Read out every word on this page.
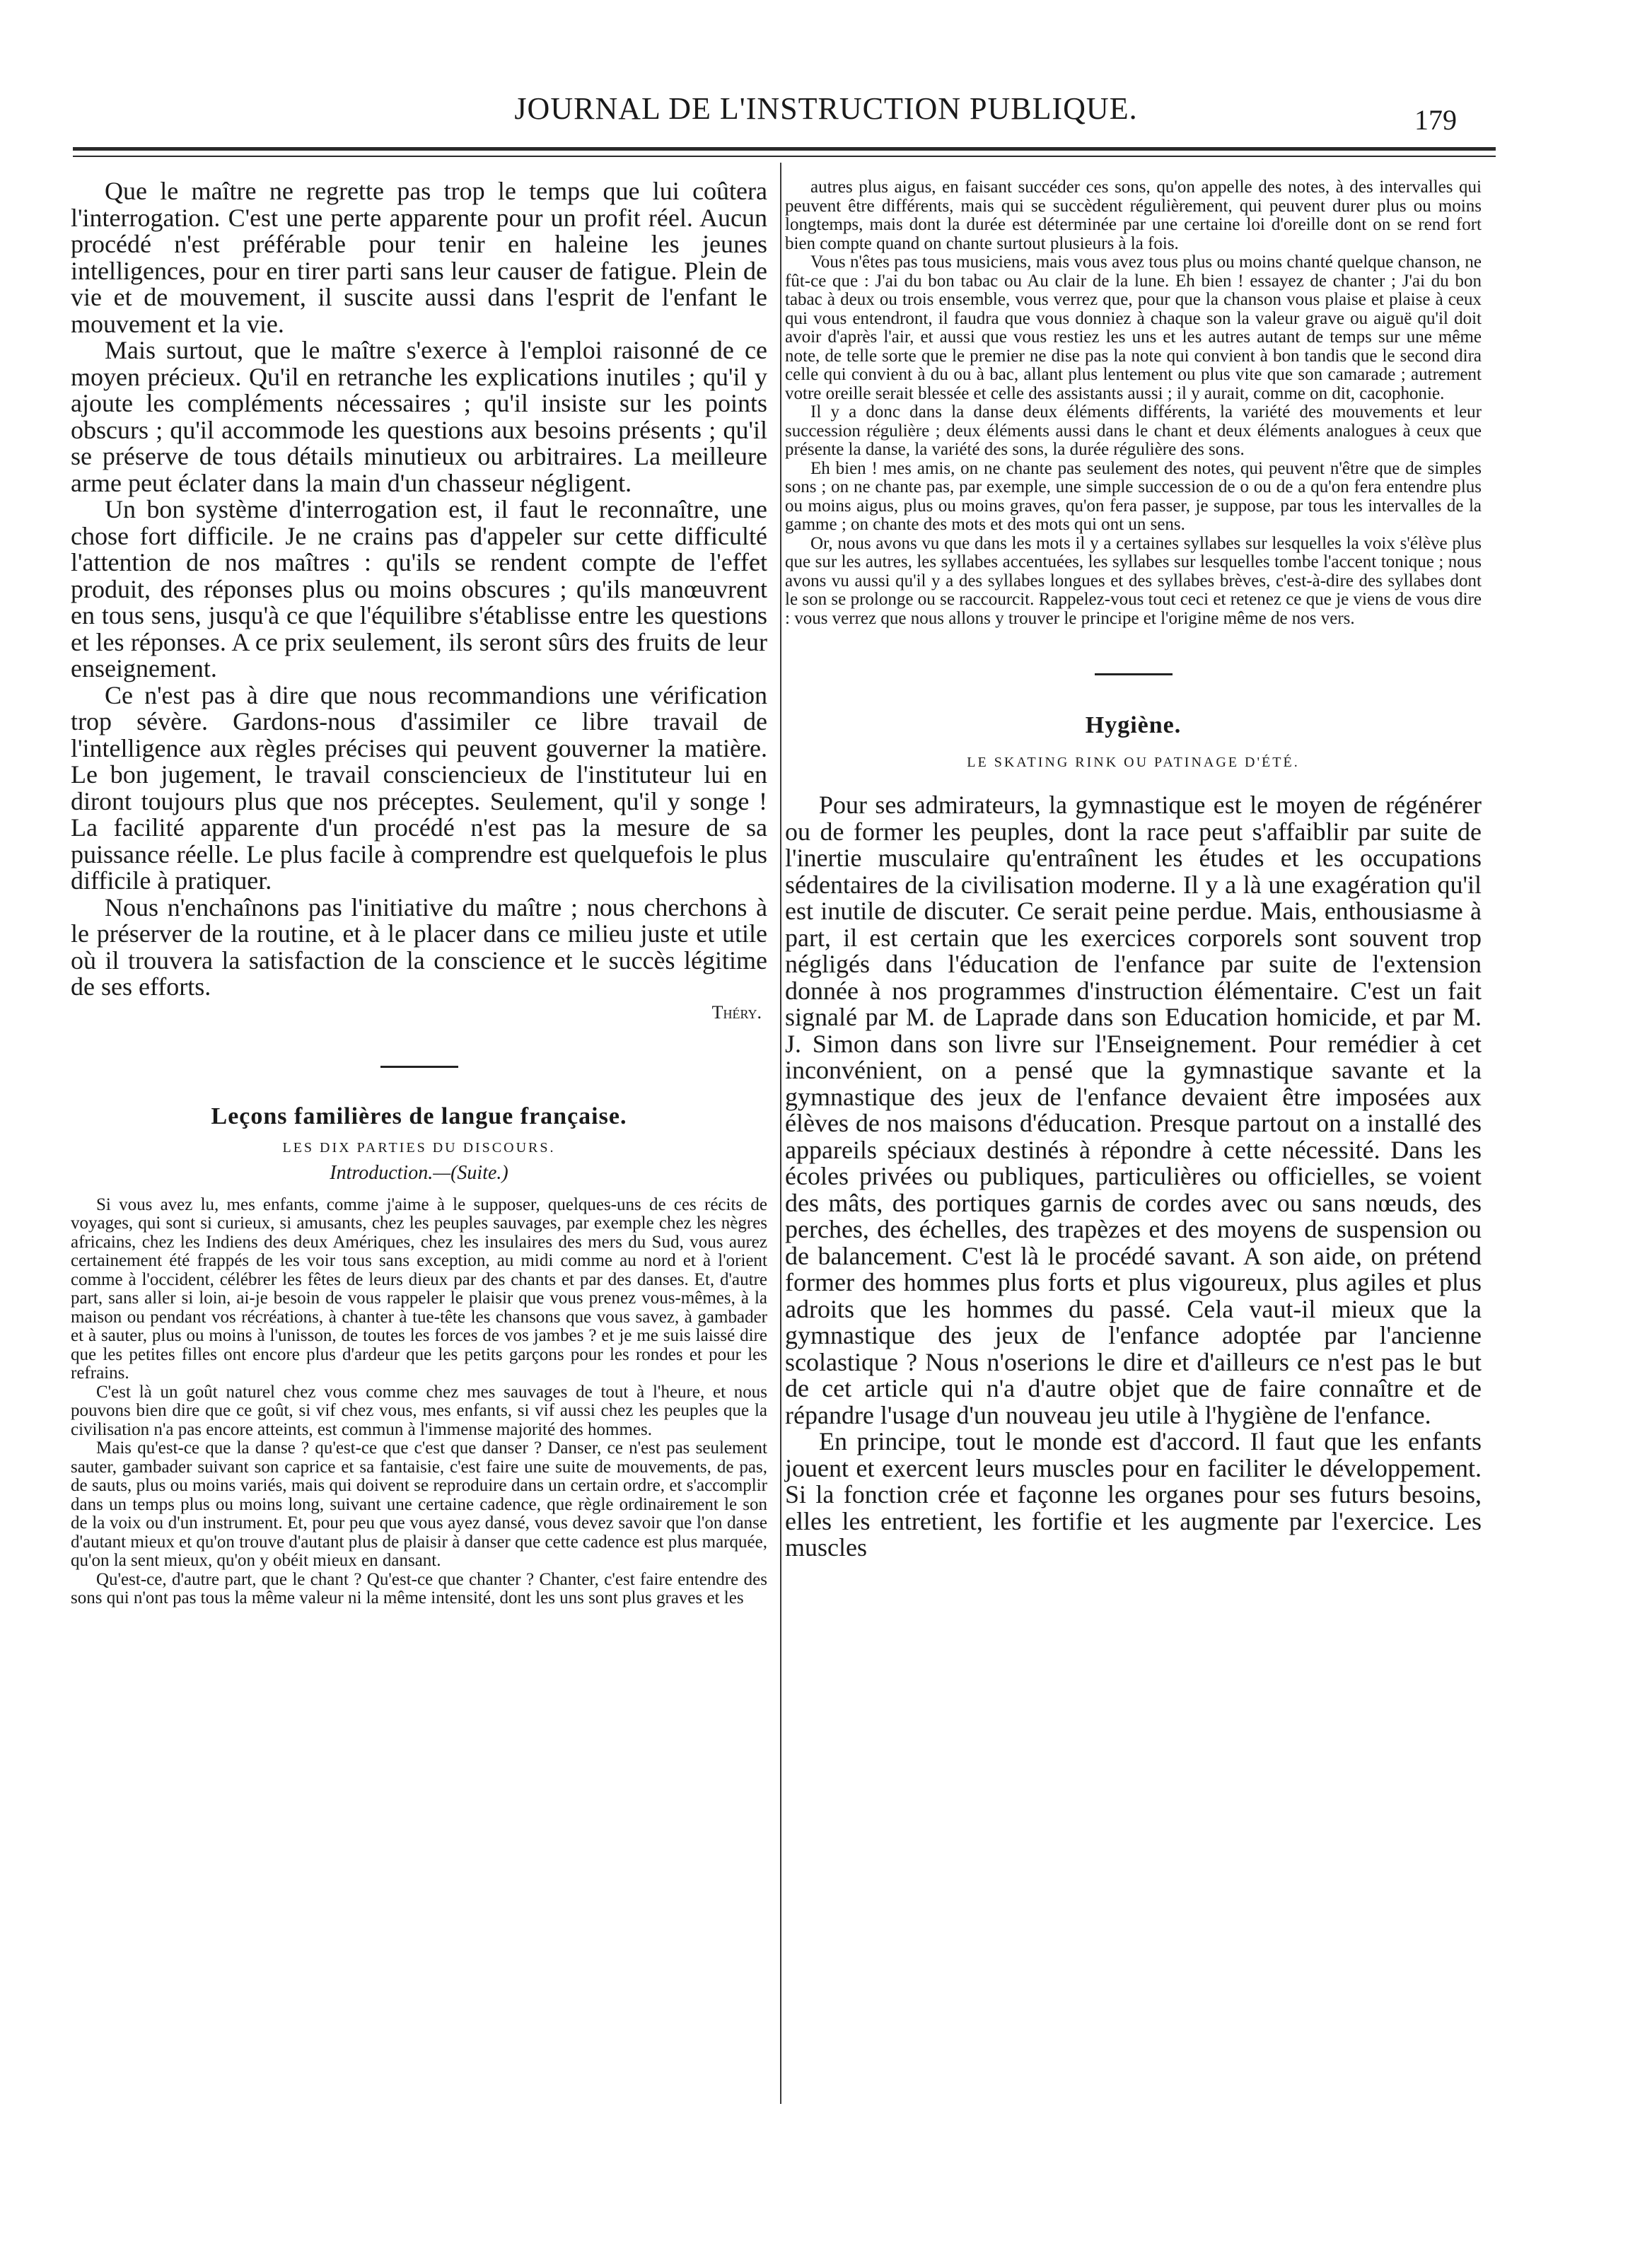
JOURNAL DE L'INSTRUCTION PUBLIQUE.	179

Que le maître ne regrette pas trop le temps que lui coûtera l'interrogation. C'est une perte apparente pour un profit réel. Aucun procédé n'est préférable pour tenir en haleine les jeunes intelligences, pour en tirer parti sans leur causer de fatigue. Plein de vie et de mouvement, il suscite aussi dans l'esprit de l'enfant le mouvement et la vie.

Mais surtout, que le maître s'exerce à l'emploi raisonné de ce moyen précieux. Qu'il en retranche les explications inutiles ; qu'il y ajoute les compléments nécessaires ; qu'il insiste sur les points obscurs ; qu'il accommode les questions aux besoins présents ; qu'il se préserve de tous détails minutieux ou arbitraires. La meilleure arme peut éclater dans la main d'un chasseur négligent.

Un bon système d'interrogation est, il faut le reconnaître, une chose fort difficile. Je ne crains pas d'appeler sur cette difficulté l'attention de nos maîtres : qu'ils se rendent compte de l'effet produit, des réponses plus ou moins obscures ; qu'ils manœuvrent en tous sens, jusqu'à ce que l'équilibre s'établisse entre les questions et les réponses. A ce prix seulement, ils seront sûrs des fruits de leur enseignement.

Ce n'est pas à dire que nous recommandions une vérification trop sévère. Gardons-nous d'assimiler ce libre travail de l'intelligence aux règles précises qui peuvent gouverner la matière. Le bon jugement, le travail consciencieux de l'instituteur lui en diront toujours plus que nos préceptes. Seulement, qu'il y songe ! La facilité apparente d'un procédé n'est pas la mesure de sa puissance réelle. Le plus facile à comprendre est quelquefois le plus difficile à pratiquer.

Nous n'enchaînons pas l'initiative du maître ; nous cherchons à le préserver de la routine, et à le placer dans ce milieu juste et utile où il trouvera la satisfaction de la conscience et le succès légitime de ses efforts.

Théry.
Leçons familières de langue française.
LES DIX PARTIES DU DISCOURS.
Introduction.—(Suite.)

Si vous avez lu, mes enfants, comme j'aime à le supposer, quelques-uns de ces récits de voyages, qui sont si curieux, si amusants, chez les peuples sauvages, par exemple chez les nègres africains, chez les Indiens des deux Amériques, chez les insulaires des mers du Sud, vous aurez certainement été frappés de les voir tous sans exception, au midi comme au nord et à l'orient comme à l'occident, célébrer les fêtes de leurs dieux par des chants et par des danses. Et, d'autre part, sans aller si loin, ai-je besoin de vous rappeler le plaisir que vous prenez vous-mêmes, à la maison ou pendant vos récréations, à chanter à tue-tête les chansons que vous savez, à gambader et à sauter, plus ou moins à l'unisson, de toutes les forces de vos jambes ? et je me suis laissé dire que les petites filles ont encore plus d'ardeur que les petits garçons pour les rondes et pour les refrains.

C'est là un goût naturel chez vous comme chez mes sauvages de tout à l'heure, et nous pouvons bien dire que ce goût, si vif chez vous, mes enfants, si vif aussi chez les peuples que la civilisation n'a pas encore atteints, est commun à l'immense majorité des hommes.

Mais qu'est-ce que la danse ? qu'est-ce que c'est que danser ? Danser, ce n'est pas seulement sauter, gambader suivant son caprice et sa fantaisie, c'est faire une suite de mouvements, de pas, de sauts, plus ou moins variés, mais qui doivent se reproduire dans un certain ordre, et s'accomplir dans un temps plus ou moins long, suivant une certaine cadence, que règle ordinairement le son de la voix ou d'un instrument. Et, pour peu que vous ayez dansé, vous devez savoir que l'on danse d'autant mieux et qu'on trouve d'autant plus de plaisir à danser que cette cadence est plus marquée, qu'on la sent mieux, qu'on y obéit mieux en dansant.

Qu'est-ce, d'autre part, que le chant ? Qu'est-ce que chanter ? Chanter, c'est faire entendre des sons qui n'ont pas tous la même valeur ni la même intensité, dont les uns sont plus graves et les

autres plus aigus, en faisant succéder ces sons, qu'on appelle des notes, à des intervalles qui peuvent être différents, mais qui se succèdent régulièrement, qui peuvent durer plus ou moins longtemps, mais dont la durée est déterminée par une certaine loi d'oreille dont on se rend fort bien compte quand on chante surtout plusieurs à la fois.

Vous n'êtes pas tous musiciens, mais vous avez tous plus ou moins chanté quelque chanson, ne fût-ce que : J'ai du bon tabac ou Au clair de la lune. Eh bien ! essayez de chanter ; J'ai du bon tabac à deux ou trois ensemble, vous verrez que, pour que la chanson vous plaise et plaise à ceux qui vous entendront, il faudra que vous donniez à chaque son la valeur grave ou aiguë qu'il doit avoir d'après l'air, et aussi que vous restiez les uns et les autres autant de temps sur une même note, de telle sorte que le premier ne dise pas la note qui convient à bon tandis que le second dira celle qui convient à du ou à bac, allant plus lentement ou plus vite que son camarade ; autrement votre oreille serait blessée et celle des assistants aussi ; il y aurait, comme on dit, cacophonie.

Il y a donc dans la danse deux éléments différents, la variété des mouvements et leur succession régulière ; deux éléments aussi dans le chant et deux éléments analogues à ceux que présente la danse, la variété des sons, la durée régulière des sons.

Eh bien ! mes amis, on ne chante pas seulement des notes, qui peuvent n'être que de simples sons ; on ne chante pas, par exemple, une simple succession de o ou de a qu'on fera entendre plus ou moins aigus, plus ou moins graves, qu'on fera passer, je suppose, par tous les intervalles de la gamme ; on chante des mots et des mots qui ont un sens.

Or, nous avons vu que dans les mots il y a certaines syllabes sur lesquelles la voix s'élève plus que sur les autres, les syllabes accentuées, les syllabes sur lesquelles tombe l'accent tonique ; nous avons vu aussi qu'il y a des syllabes longues et des syllabes brèves, c'est-à-dire des syllabes dont le son se prolonge ou se raccourcit. Rappelez-vous tout ceci et retenez ce que je viens de vous dire : vous verrez que nous allons y trouver le principe et l'origine même de nos vers.

Hygiène.
LE SKATING RINK OU PATINAGE D'ÉTÉ.

Pour ses admirateurs, la gymnastique est le moyen de régénérer ou de former les peuples, dont la race peut s'affaiblir par suite de l'inertie musculaire qu'entraînent les études et les occupations sédentaires de la civilisation moderne. Il y a là une exagération qu'il est inutile de discuter. Ce serait peine perdue. Mais, enthousiasme à part, il est certain que les exercices corporels sont souvent trop négligés dans l'éducation de l'enfance par suite de l'extension donnée à nos programmes d'instruction élémentaire. C'est un fait signalé par M. de Laprade dans son Education homicide, et par M. J. Simon dans son livre sur l'Enseignement. Pour remédier à cet inconvénient, on a pensé que la gymnastique savante et la gymnastique des jeux de l'enfance devaient être imposées aux élèves de nos maisons d'éducation. Presque partout on a installé des appareils spéciaux destinés à répondre à cette nécessité. Dans les écoles privées ou publiques, particulières ou officielles, se voient des mâts, des portiques garnis de cordes avec ou sans nœuds, des perches, des échelles, des trapèzes et des moyens de suspension ou de balancement. C'est là le procédé savant. A son aide, on prétend former des hommes plus forts et plus vigoureux, plus agiles et plus adroits que les hommes du passé. Cela vaut-il mieux que la gymnastique des jeux de l'enfance adoptée par l'ancienne scolastique ? Nous n'oserions le dire et d'ailleurs ce n'est pas le but de cet article qui n'a d'autre objet que de faire connaître et de répandre l'usage d'un nouveau jeu utile à l'hygiène de l'enfance.

En principe, tout le monde est d'accord. Il faut que les enfants jouent et exercent leurs muscles pour en faciliter le développement. Si la fonction crée et façonne les organes pour ses futurs besoins, elles les entretient, les fortifie et les augmente par l'exercice. Les muscles
